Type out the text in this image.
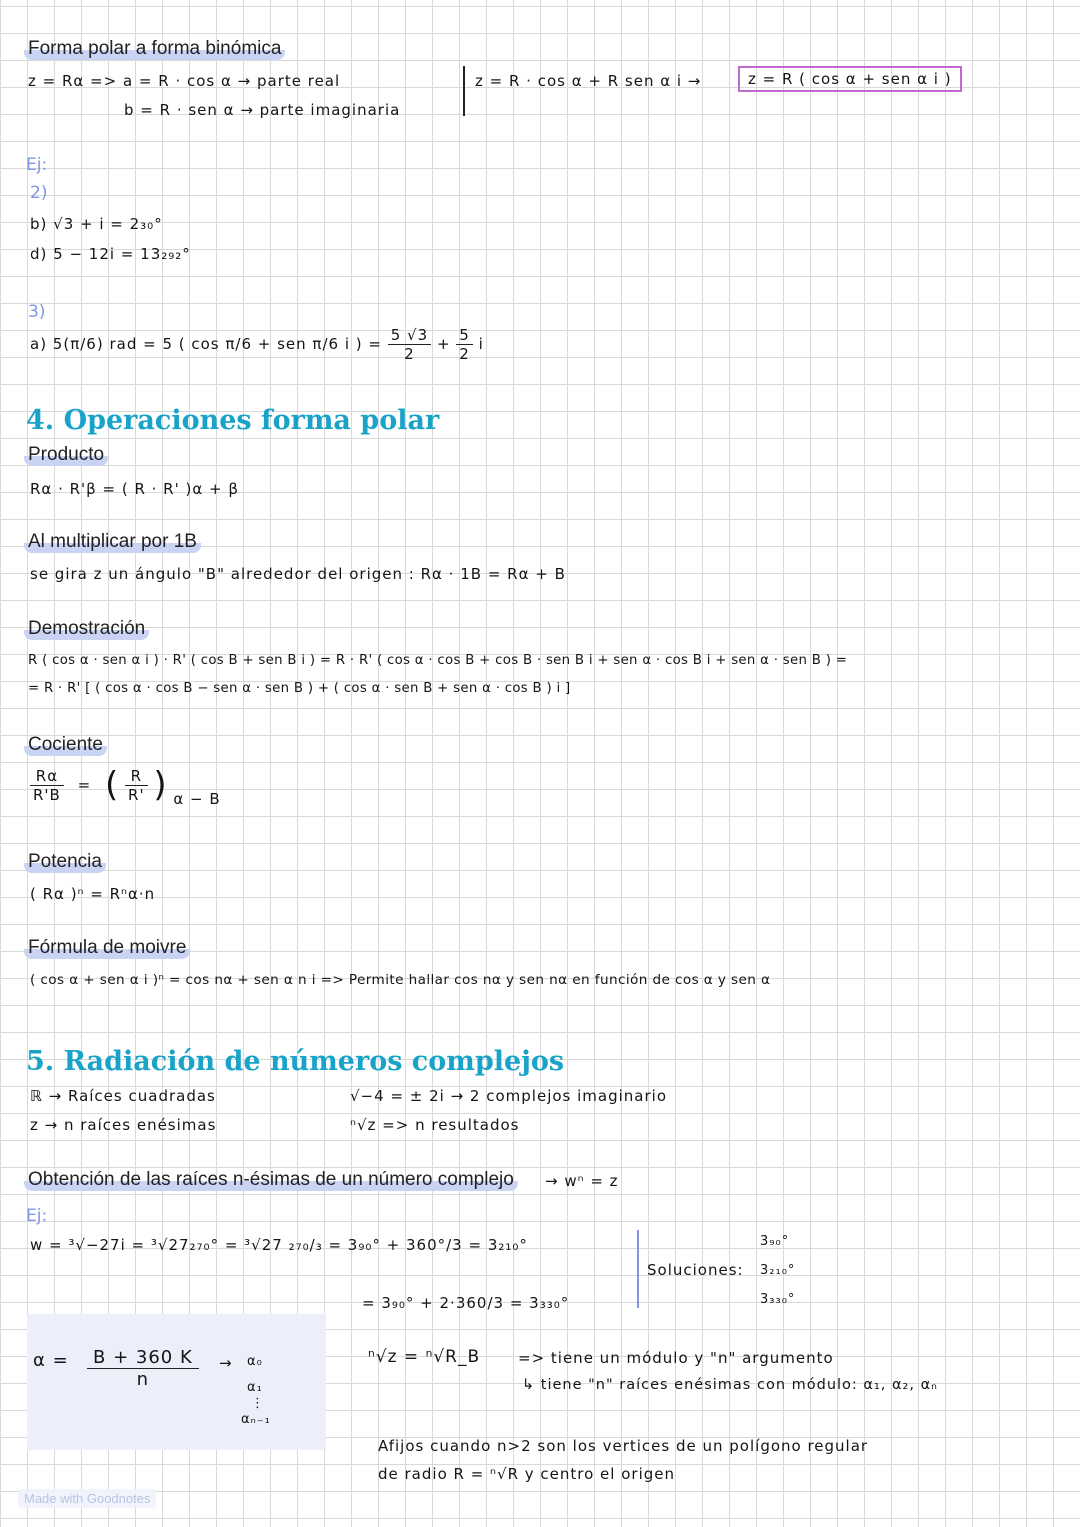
Forma polar a forma binómica
z = Rα => a = R · cos α → parte real
b = R · sen α → parte imaginaria
z = R · cos α + R sen α i →	z = R ( cos α + sen α i )
Ej:
2)
b) √3 + i = 2₃₀°
d) 5 − 12i = 13₂₉₂°
3)
a) 5(π/6) rad = 5 ( cos π/6 + sen π/6 i ) = $\frac{5 √3}{2} + \frac{5}{2}$ i
4. Operaciones forma polar
Producto
Rα · R'β = ( R · R' )α + β
Al multiplicar por 1B
se gira z un ángulo "B" alrededor del origen : Rα · 1B = Rα + B
Demostración
R ( cos α · sen α i ) · R' ( cos B + sen B i ) = R · R' ( cos α · cos B + cos B · sen B i + sen α · cos B i + sen α · sen B ) =
= R · R' [ ( cos α · cos B − sen α · sen B ) + ( cos α · sen B + sen α · cos B ) i ]
Cociente
$\frac{R\alpha}{R'B}$ = ( $\frac{R}{R'}$ ) α − B
Potencia
( Rα )ⁿ = Rⁿα·n
Fórmula de moivre
( cos α + sen α i )ⁿ = cos nα + sen α n i => Permite hallar cos nα y sen nα en función de cos α y sen α
5. Radiación de números complejos
ℝ → Raíces cuadradas
z → n raíces enésimas
√−4 = ± 2i → 2 complejos imaginario
ⁿ√z => n resultados
Obtención de las raíces n-ésimas de un número complejo → wⁿ = z
Ej:
w = ³√−27i = ³√27₂₇₀° = ³√27 ₂₇₀/₃ = 3₉₀° + 360°/3 = 3₂₁₀°
= 3₉₀° + 2·360/3 = 3₃₃₀°
Soluciones:
3₉₀°
3₂₁₀°
3₃₃₀°
$\alpha = \frac{B + 360 K}{n} \to \alpha_0$
α₁
⋮
αₙ₋₁
ⁿ√z = ⁿ√R_B	=> tiene un módulo y "n" argumento
↳ tiene "n" raíces enésimas con módulo: α₁, α₂, αₙ
Afijos cuando n>2 son los vertices de un polígono regular
de radio R = ⁿ√R y centro el origen
Made with Goodnotes
